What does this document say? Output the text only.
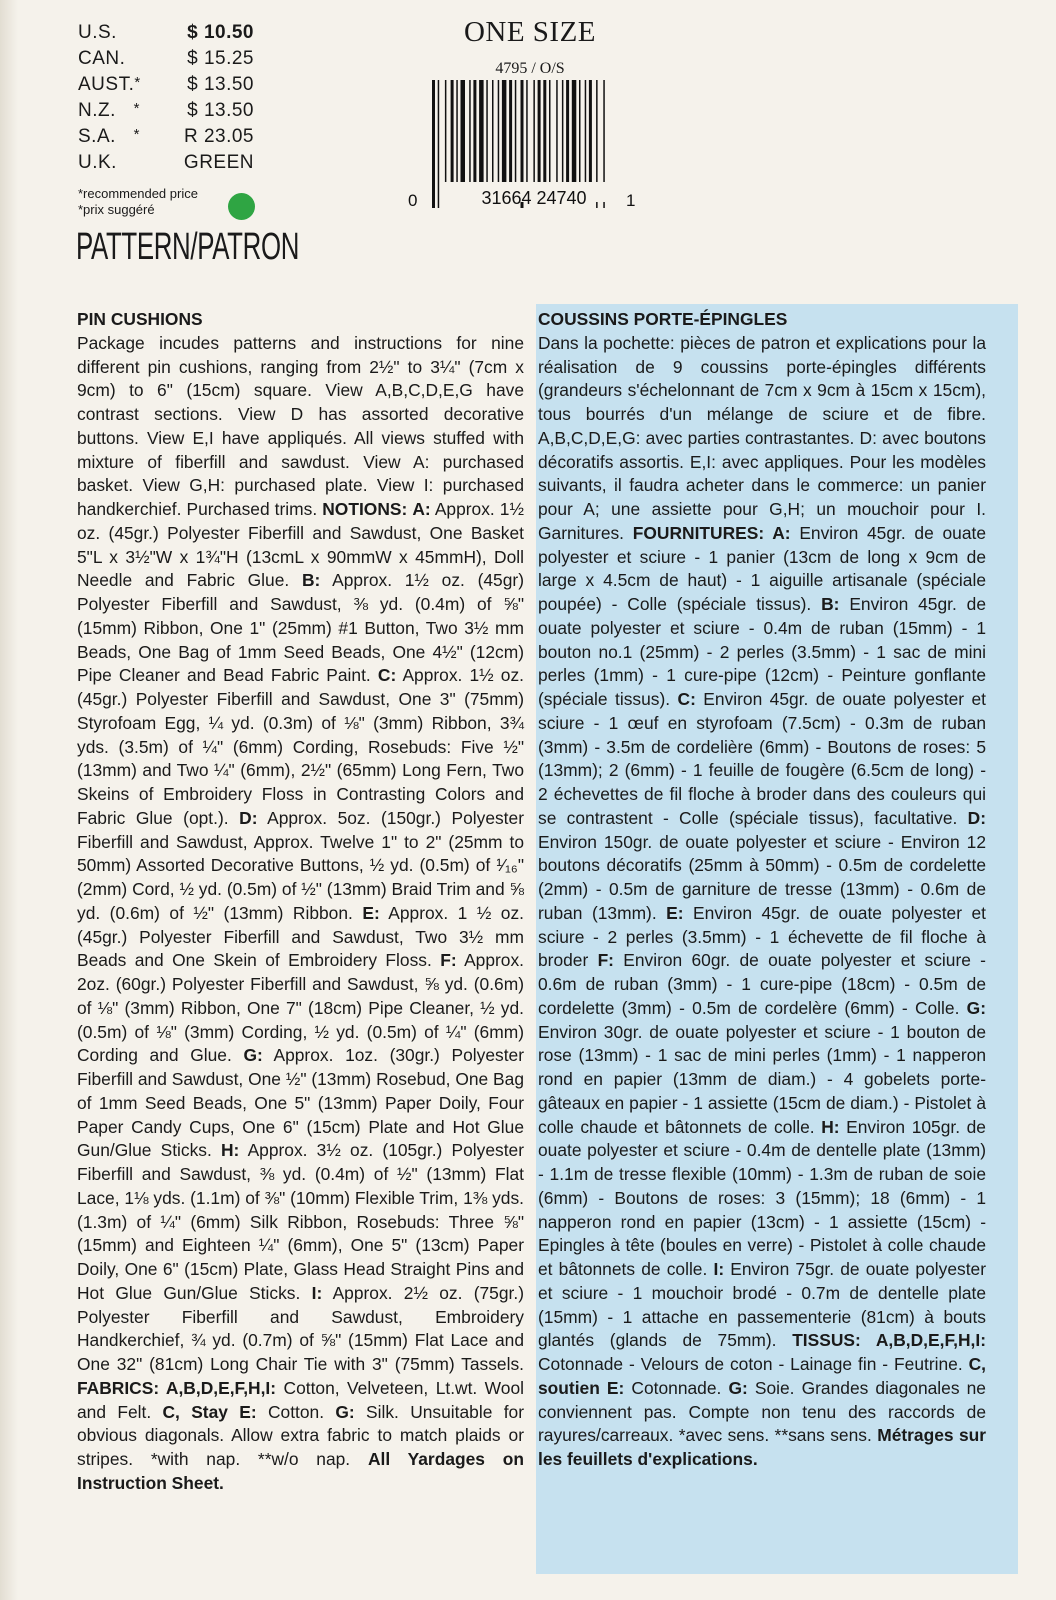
U.S.	$ 10.50
CAN.	$ 15.25
AUST. *	$ 13.50
N.Z. *	$ 13.50
S.A. *	R 23.05
U.K.	GREEN
*recommended price
*prix suggéré
PATTERN/PATRON
ONE SIZE
4795 / O/S
0	31664 24740 1
PIN CUSHIONS

Package incudes patterns and instructions for nine different pin cushions, ranging from 2½" to 3¼" (7cm x 9cm) to 6" (15cm) square. View A,B,C,D,E,G have contrast sections. View D has assorted decorative buttons. View E,I have appliqués. All views stuffed with mixture of fiberfill and sawdust. View A: purchased basket. View G,H: purchased plate. View I: purchased handkerchief. Purchased trims. NOTIONS: A: Approx. 1½ oz. (45gr.) Polyester Fiberfill and Sawdust, One Basket 5"L x 3½"W x 1¾"H (13cmL x 90mmW x 45mmH), Doll Needle and Fabric Glue. B: Approx. 1½ oz. (45gr) Polyester Fiberfill and Sawdust, ⅜ yd. (0.4m) of ⅝" (15mm) Ribbon, One 1" (25mm) #1 Button, Two 3½ mm Beads, One Bag of 1mm Seed Beads, One 4½" (12cm) Pipe Cleaner and Bead Fabric Paint. C: Approx. 1½ oz. (45gr.) Polyester Fiberfill and Sawdust, One 3" (75mm) Styrofoam Egg, ¼ yd. (0.3m) of ⅛" (3mm) Ribbon, 3¾ yds. (3.5m) of ¼" (6mm) Cording, Rosebuds: Five ½" (13mm) and Two ¼" (6mm), 2½" (65mm) Long Fern, Two Skeins of Embroidery Floss in Contrasting Colors and Fabric Glue (opt.). D: Approx. 5oz. (150gr.) Polyester Fiberfill and Sawdust, Approx. Twelve 1" to 2" (25mm to 50mm) Assorted Decorative Buttons, ½ yd. (0.5m) of ¹⁄₁₆" (2mm) Cord, ½ yd. (0.5m) of ½" (13mm) Braid Trim and ⅝ yd. (0.6m) of ½" (13mm) Ribbon. E: Approx. 1 ½ oz. (45gr.) Polyester Fiberfill and Sawdust, Two 3½ mm Beads and One Skein of Embroidery Floss. F: Approx. 2oz. (60gr.) Polyester Fiberfill and Sawdust, ⅝ yd. (0.6m) of ⅛" (3mm) Ribbon, One 7" (18cm) Pipe Cleaner, ½ yd. (0.5m) of ⅛" (3mm) Cording, ½ yd. (0.5m) of ¼" (6mm) Cording and Glue. G: Approx. 1oz. (30gr.) Polyester Fiberfill and Sawdust, One ½" (13mm) Rosebud, One Bag of 1mm Seed Beads, One 5" (13mm) Paper Doily, Four Paper Candy Cups, One 6" (15cm) Plate and Hot Glue Gun/Glue Sticks. H: Approx. 3½ oz. (105gr.) Polyester Fiberfill and Sawdust, ⅜ yd. (0.4m) of ½" (13mm) Flat Lace, 1⅛ yds. (1.1m) of ⅜" (10mm) Flexible Trim, 1⅜ yds. (1.3m) of ¼" (6mm) Silk Ribbon, Rosebuds: Three ⅝" (15mm) and Eighteen ¼" (6mm), One 5" (13cm) Paper Doily, One 6" (15cm) Plate, Glass Head Straight Pins and Hot Glue Gun/Glue Sticks. I: Approx. 2½ oz. (75gr.) Polyester Fiberfill and Sawdust, Embroidery Handkerchief, ¾ yd. (0.7m) of ⅝" (15mm) Flat Lace and One 32" (81cm) Long Chair Tie with 3" (75mm) Tassels. FABRICS: A,B,D,E,F,H,I: Cotton, Velveteen, Lt.wt. Wool and Felt. C, Stay E: Cotton. G: Silk. Unsuitable for obvious diagonals. Allow extra fabric to match plaids or stripes. *with nap. **w/o nap. All Yardages on Instruction Sheet.

COUSSINS PORTE-ÉPINGLES

Dans la pochette: pièces de patron et explications pour la réalisation de 9 coussins porte-épingles différents (grandeurs s'échelonnant de 7cm x 9cm à 15cm x 15cm), tous bourrés d'un mélange de sciure et de fibre. A,B,C,D,E,G: avec parties contrastantes. D: avec boutons décoratifs assortis. E,I: avec appliques. Pour les modèles suivants, il faudra acheter dans le commerce: un panier pour A; une assiette pour G,H; un mouchoir pour I. Garnitures. FOURNITURES: A: Environ 45gr. de ouate polyester et sciure - 1 panier (13cm de long x 9cm de large x 4.5cm de haut) - 1 aiguille artisanale (spéciale poupée) - Colle (spéciale tissus). B: Environ 45gr. de ouate polyester et sciure - 0.4m de ruban (15mm) - 1 bouton no.1 (25mm) - 2 perles (3.5mm) - 1 sac de mini perles (1mm) - 1 cure-pipe (12cm) - Peinture gonflante (spéciale tissus). C: Environ 45gr. de ouate polyester et sciure - 1 œuf en styrofoam (7.5cm) - 0.3m de ruban (3mm) - 3.5m de cordelière (6mm) - Boutons de roses: 5 (13mm); 2 (6mm) - 1 feuille de fougère (6.5cm de long) - 2 échevettes de fil floche à broder dans des couleurs qui se contrastent - Colle (spéciale tissus), facultative. D: Environ 150gr. de ouate polyester et sciure - Environ 12 boutons décoratifs (25mm à 50mm) - 0.5m de cordelette (2mm) - 0.5m de garniture de tresse (13mm) - 0.6m de ruban (13mm). E: Environ 45gr. de ouate polyester et sciure - 2 perles (3.5mm) - 1 échevette de fil floche à broder F: Environ 60gr. de ouate polyester et sciure - 0.6m de ruban (3mm) - 1 cure-pipe (18cm) - 0.5m de cordelette (3mm) - 0.5m de cordelère (6mm) - Colle. G: Environ 30gr. de ouate polyester et sciure - 1 bouton de rose (13mm) - 1 sac de mini perles (1mm) - 1 napperon rond en papier (13mm de diam.) - 4 gobelets porte-gâteaux en papier - 1 assiette (15cm de diam.) - Pistolet à colle chaude et bâtonnets de colle. H: Environ 105gr. de ouate polyester et sciure - 0.4m de dentelle plate (13mm) - 1.1m de tresse flexible (10mm) - 1.3m de ruban de soie (6mm) - Boutons de roses: 3 (15mm); 18 (6mm) - 1 napperon rond en papier (13cm) - 1 assiette (15cm) - Epingles à tête (boules en verre) - Pistolet à colle chaude et bâtonnets de colle. I: Environ 75gr. de ouate polyester et sciure - 1 mouchoir brodé - 0.7m de dentelle plate (15mm) - 1 attache en passementerie (81cm) à bouts glantés (glands de 75mm). TISSUS: A,B,D,E,F,H,I: Cotonnade - Velours de coton - Lainage fin - Feutrine. C, soutien E: Cotonnade. G: Soie. Grandes diagonales ne conviennent pas. Compte non tenu des raccords de rayures/carreaux. *avec sens. **sans sens. Métrages sur les feuillets d'explications.
